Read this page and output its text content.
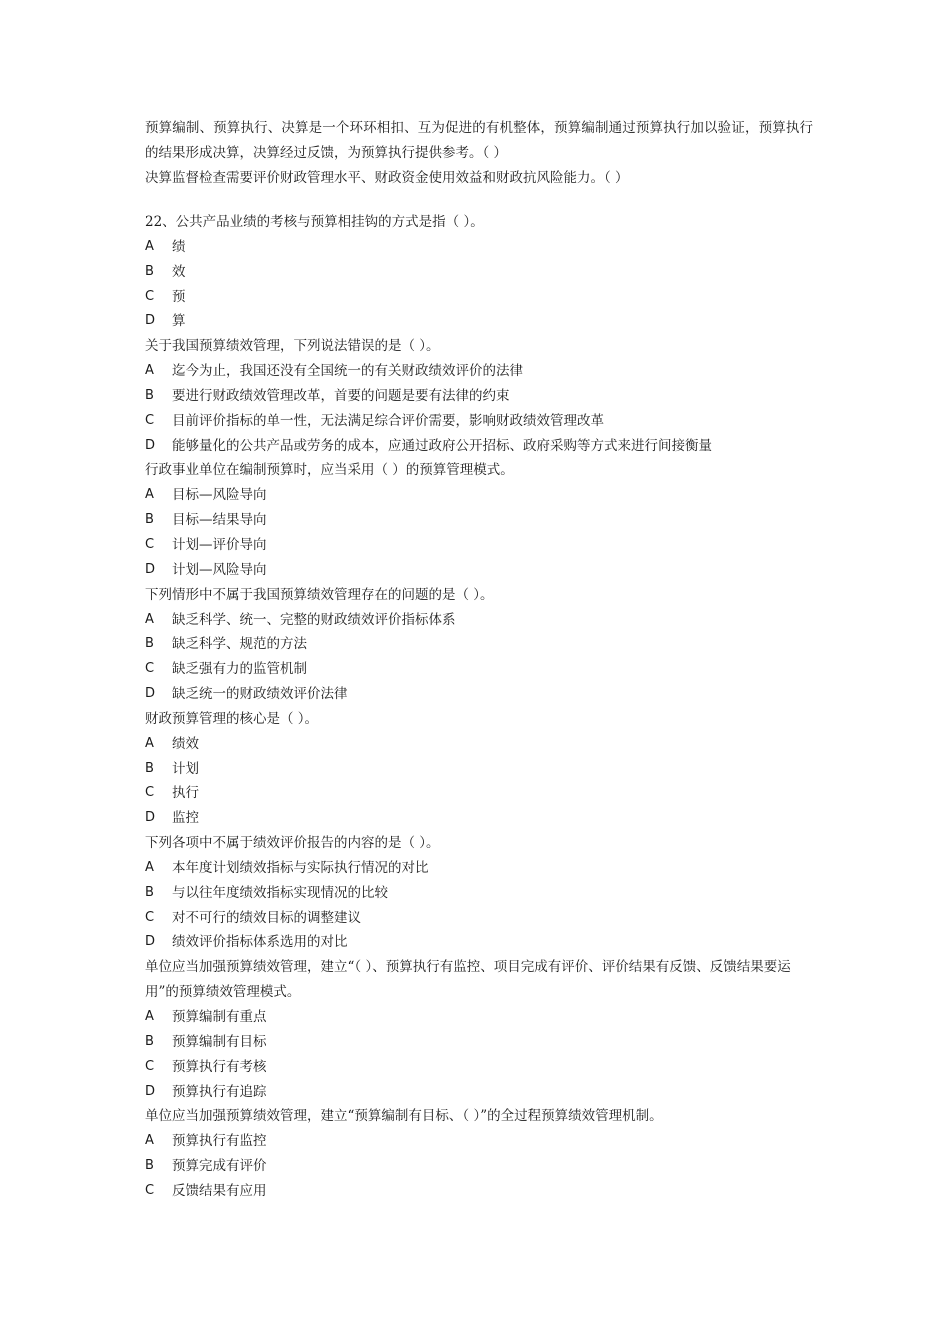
预算编制、预算执行、决算是一个环环相扣、互为促进的有机整体，预算编制通过预算执行加以验证，预算执行的结果形成决算，决算经过反馈，为预算执行提供参考。（ ）

决算监督检查需要评价财政管理水平、财政资金使用效益和财政抗风险能力。（ ）

22、公共产品业绩的考核与预算相挂钩的方式是指（ ）。

A	绩
B	效
C	预
D	算

关于我国预算绩效管理，下列说法错误的是（ ）。

A	迄今为止，我国还没有全国统一的有关财政绩效评价的法律
B	要进行财政绩效管理改革，首要的问题是要有法律的约束
C	目前评价指标的单一性，无法满足综合评价需要，影响财政绩效管理改革
D	能够量化的公共产品或劳务的成本，应通过政府公开招标、政府采购等方式来进行间接衡量

行政事业单位在编制预算时，应当采用（ ）的预算管理模式。

A	目标—风险导向
B	目标—结果导向
C	计划—评价导向
D	计划—风险导向

下列情形中不属于我国预算绩效管理存在的问题的是（ ）。

A	缺乏科学、统一、完整的财政绩效评价指标体系
B	缺乏科学、规范的方法
C	缺乏强有力的监管机制
D	缺乏统一的财政绩效评价法律

财政预算管理的核心是（ ）。

A	绩效
B	计划
C	执行
D	监控

下列各项中不属于绩效评价报告的内容的是（ ）。

A	本年度计划绩效指标与实际执行情况的对比
B	与以往年度绩效指标实现情况的比较
C	对不可行的绩效目标的调整建议
D	绩效评价指标体系选用的对比

单位应当加强预算绩效管理，建立“（ ）、预算执行有监控、项目完成有评价、评价结果有反馈、反馈结果要运用”的预算绩效管理模式。

A	预算编制有重点
B	预算编制有目标
C	预算执行有考核
D	预算执行有追踪

单位应当加强预算绩效管理，建立“预算编制有目标、（ ）”的全过程预算绩效管理机制。

A	预算执行有监控
B	预算完成有评价
C	反馈结果有应用
